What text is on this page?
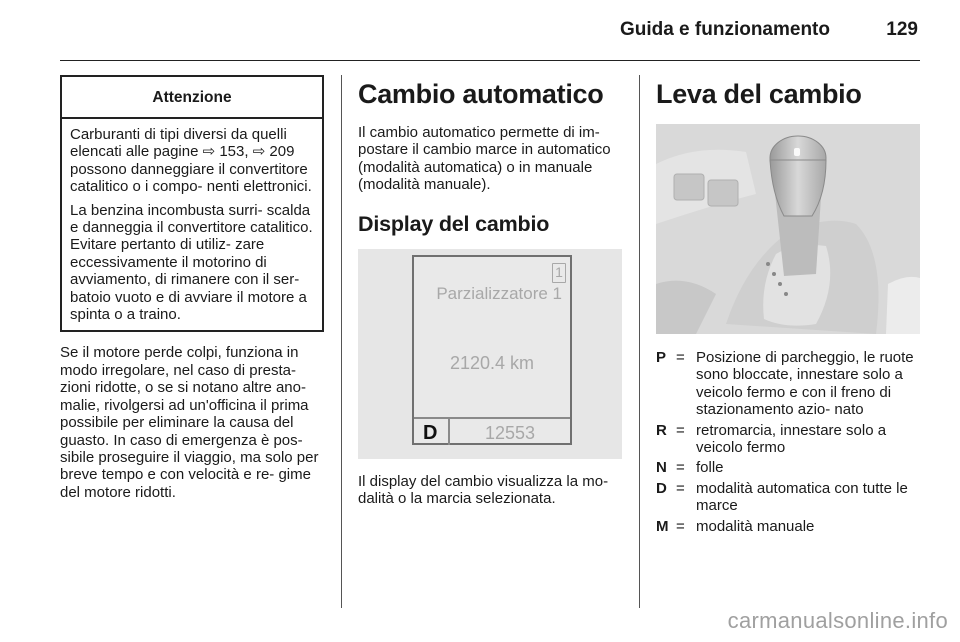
Guida e funzionamento	129
Attenzione

Carburanti di tipi diversi da quelli elencati alle pagine ⇨ 153, ⇨ 209 possono danneggiare il convertitore catalitico o i compo- nenti elettronici.

La benzina incombusta surri- scalda e danneggia il convertitore catalitico. Evitare pertanto di utiliz- zare eccessivamente il motorino di avviamento, di rimanere con il ser- batoio vuoto e di avviare il motore a spinta o a traino.

Se il motore perde colpi, funziona in modo irregolare, nel caso di presta- zioni ridotte, o se si notano altre ano- malie, rivolgersi ad un'officina il prima possibile per eliminare la causa del guasto. In caso di emergenza è pos- sibile proseguire il viaggio, ma solo per breve tempo e con velocità e re- gime del motore ridotti.

Cambio automatico

Il cambio automatico permette di im- postare il cambio marce in automatico (modalità automatica) o in manuale (modalità manuale).

Display del cambio
1
Parzializzatore 1
2120.4 km
D	12553

Il display del cambio visualizza la mo- dalità o la marcia selezionata.

Leva del cambio
P = Posizione di parcheggio, le ruote sono bloccate, innestare solo a veicolo fermo e con il freno di stazionamento azio- nato
R = retromarcia, innestare solo a veicolo fermo
N = folle
D = modalità automatica con tutte le marce
M = modalità manuale
carmanualsonline.info
